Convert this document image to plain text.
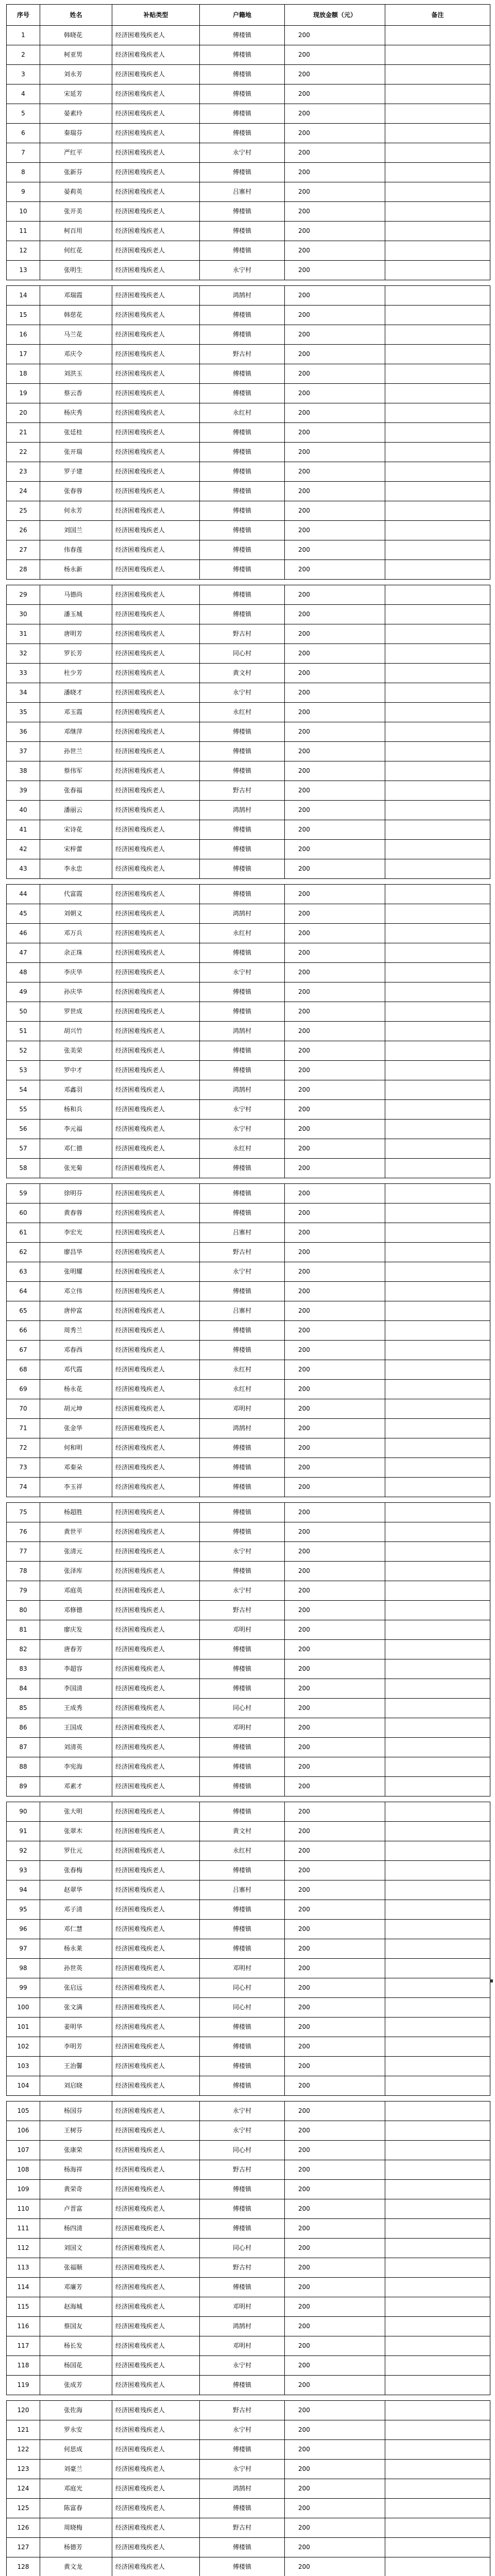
序号	姓名	补贴类型	户籍地	现放金额（元）	备注
1	韩晓花	经济困难残疾老人	傅楼镇	200	
2	柯亚男	经济困难残疾老人	傅楼镇	200	
3	刘永芳	经济困难残疾老人	傅楼镇	200	
4	宋延芳	经济困难残疾老人	傅楼镇	200	
5	晏素玲	经济困难残疾老人	傅楼镇	200	
6	秦瑞芬	经济困难残疾老人	傅楼镇	200	
7	严红平	经济困难残疾老人	永宁村	200	
8	张新芬	经济困难残疾老人	傅楼镇	200	
9	晏莉英	经济困难残疾老人	吕寨村	200	
10	张开美	经济困难残疾老人	傅楼镇	200	
11	柯百用	经济困难残疾老人	傅楼镇	200	
12	何红花	经济困难残疾老人	傅楼镇	200	
13	张明生	经济困难残疾老人	永宁村	200	

14	邓瑞霞	经济困难残疾老人	鸿鹄村	200	
15	韩慈花	经济困难残疾老人	傅楼镇	200	
16	马兰花	经济困难残疾老人	傅楼镇	200	
17	邓庆令	经济困难残疾老人	野古村	200	
18	刘洪玉	经济困难残疾老人	傅楼镇	200	
19	蔡云香	经济困难残疾老人	傅楼镇	200	
20	杨庆秀	经济困难残疾老人	永红村	200	
21	张廷桂	经济困难残疾老人	傅楼镇	200	
22	张开瑞	经济困难残疾老人	傅楼镇	200	
23	罗子建	经济困难残疾老人	傅楼镇	200	
24	张春蓉	经济困难残疾老人	傅楼镇	200	
25	何永芳	经济困难残疾老人	傅楼镇	200	
26	刘国兰	经济困难残疾老人	傅楼镇	200	
27	伟春莲	经济困难残疾老人	傅楼镇	200	
28	杨永新	经济困难残疾老人	傅楼镇	200	

29	马德尚	经济困难残疾老人	傅楼镇	200	
30	潘玉城	经济困难残疾老人	傅楼镇	200	
31	唐明芳	经济困难残疾老人	野古村	200	
32	罗长芳	经济困难残疾老人	同心村	200	
33	杜少芳	经济困难残疾老人	黄文村	200	
34	潘晓才	经济困难残疾老人	永宁村	200	
35	邓玉霞	经济困难残疾老人	永红村	200	
36	邓继萍	经济困难残疾老人	傅楼镇	200	
37	孙世兰	经济困难残疾老人	傅楼镇	200	
38	蔡伟军	经济困难残疾老人	傅楼镇	200	
39	张春福	经济困难残疾老人	野古村	200	
40	潘丽云	经济困难残疾老人	鸿鹄村	200	
41	宋诗花	经济困难残疾老人	傅楼镇	200	
42	宋梓蕾	经济困难残疾老人	傅楼镇	200	
43	李永忠	经济困难残疾老人	傅楼镇	200	

44	代富霞	经济困难残疾老人	傅楼镇	200	
45	刘朝义	经济困难残疾老人	鸿鹄村	200	
46	邓万兵	经济困难残疾老人	永红村	200	
47	余正珠	经济困难残疾老人	傅楼镇	200	
48	李庆华	经济困难残疾老人	永宁村	200	
49	孙庆华	经济困难残疾老人	傅楼镇	200	
50	罗世成	经济困难残疾老人	傅楼镇	200	
51	胡兴竹	经济困难残疾老人	鸿鹄村	200	
52	张美荣	经济困难残疾老人	傅楼镇	200	
53	罗中才	经济困难残疾老人	傅楼镇	200	
54	邓鑫羽	经济困难残疾老人	鸿鹄村	200	
55	杨和兵	经济困难残疾老人	永宁村	200	
56	李元福	经济困难残疾老人	永宁村	200	
57	邓仁德	经济困难残疾老人	永红村	200	
58	张光菊	经济困难残疾老人	傅楼镇	200	

59	徐明芬	经济困难残疾老人	傅楼镇	200	
60	黄春蓉	经济困难残疾老人	傅楼镇	200	
61	李宏光	经济困难残疾老人	吕寨村	200	
62	廖昌华	经济困难残疾老人	野古村	200	
63	张明耀	经济困难残疾老人	永宁村	200	
64	邓立伟	经济困难残疾老人	傅楼镇	200	
65	唐仲富	经济困难残疾老人	吕寨村	200	
66	周秀兰	经济困难残疾老人	傅楼镇	200	
67	邓春西	经济困难残疾老人	傅楼镇	200	
68	邓代霞	经济困难残疾老人	永红村	200	
69	杨永花	经济困难残疾老人	永红村	200	
70	胡元坤	经济困难残疾老人	邓明村	200	
71	张金华	经济困难残疾老人	鸿鹄村	200	
72	何和明	经济困难残疾老人	傅楼镇	200	
73	邓秦朵	经济困难残疾老人	傅楼镇	200	
74	李玉祥	经济困难残疾老人	傅楼镇	200	

75	杨超胜	经济困难残疾老人	傅楼镇	200	
76	黄世平	经济困难残疾老人	傅楼镇	200	
77	张清元	经济困难残疾老人	永宁村	200	
78	张泽库	经济困难残疾老人	傅楼镇	200	
79	邓庭英	经济困难残疾老人	永宁村	200	
80	邓修德	经济困难残疾老人	野古村	200	
81	廖庆发	经济困难残疾老人	邓明村	200	
82	唐春芳	经济困难残疾老人	傅楼镇	200	
83	李超容	经济困难残疾老人	傅楼镇	200	
84	李国清	经济困难残疾老人	傅楼镇	200	
85	王成秀	经济困难残疾老人	同心村	200	
86	王国成	经济困难残疾老人	邓明村	200	
87	刘清英	经济困难残疾老人	傅楼镇	200	
88	李宪海	经济困难残疾老人	傅楼镇	200	
89	邓素才	经济困难残疾老人	傅楼镇	200	

90	张大明	经济困难残疾老人	傅楼镇	200	
91	张翠木	经济困难残疾老人	黄文村	200	
92	罗仕元	经济困难残疾老人	永红村	200	
93	张春梅	经济困难残疾老人	傅楼镇	200	
94	赵翠华	经济困难残疾老人	吕寨村	200	
95	邓子清	经济困难残疾老人	傅楼镇	200	
96	邓仁慧	经济困难残疾老人	傅楼镇	200	
97	杨永莱	经济困难残疾老人	傅楼镇	200	
98	孙世英	经济困难残疾老人	邓明村	200	
99	张启远	经济困难残疾老人	同心村	200	
100	张文满	经济困难残疾老人	同心村	200	
101	姜明华	经济困难残疾老人	傅楼镇	200	
102	李明芳	经济困难残疾老人	傅楼镇	200	
103	王治馨	经济困难残疾老人	傅楼镇	200	
104	刘启晓	经济困难残疾老人	傅楼镇	200	

105	杨国芬	经济困难残疾老人	永宁村	200	
106	王树芬	经济困难残疾老人	永宁村	200	
107	张康荣	经济困难残疾老人	同心村	200	
108	杨海祥	经济困难残疾老人	野古村	200	
109	黄荣奇	经济困难残疾老人	傅楼镇	200	
110	卢晋富	经济困难残疾老人	傅楼镇	200	
111	杨四清	经济困难残疾老人	傅楼镇	200	
112	刘国文	经济困难残疾老人	同心村	200	
113	张福顺	经济困难残疾老人	野古村	200	
114	邓廉芳	经济困难残疾老人	傅楼镇	200	
115	赵海城	经济困难残疾老人	邓明村	200	
116	蔡国友	经济困难残疾老人	鸿鹄村	200	
117	杨长发	经济困难残疾老人	邓明村	200	
118	杨国花	经济困难残疾老人	永宁村	200	
119	张成芳	经济困难残疾老人	傅楼镇	200	

120	张佐海	经济困难残疾老人	野古村	200	
121	罗永安	经济困难残疾老人	永宁村	200	
122	何思成	经济困难残疾老人	傅楼镇	200	
123	刘豪兰	经济困难残疾老人	永宁村	200	
124	邓庭光	经济困难残疾老人	鸿鹄村	200	
125	陈富春	经济困难残疾老人	傅楼镇	200	
126	周晓梅	经济困难残疾老人	野古村	200	
127	杨德芳	经济困难残疾老人	傅楼镇	200	
128	黄文龙	经济困难残疾老人	傅楼镇	200	
